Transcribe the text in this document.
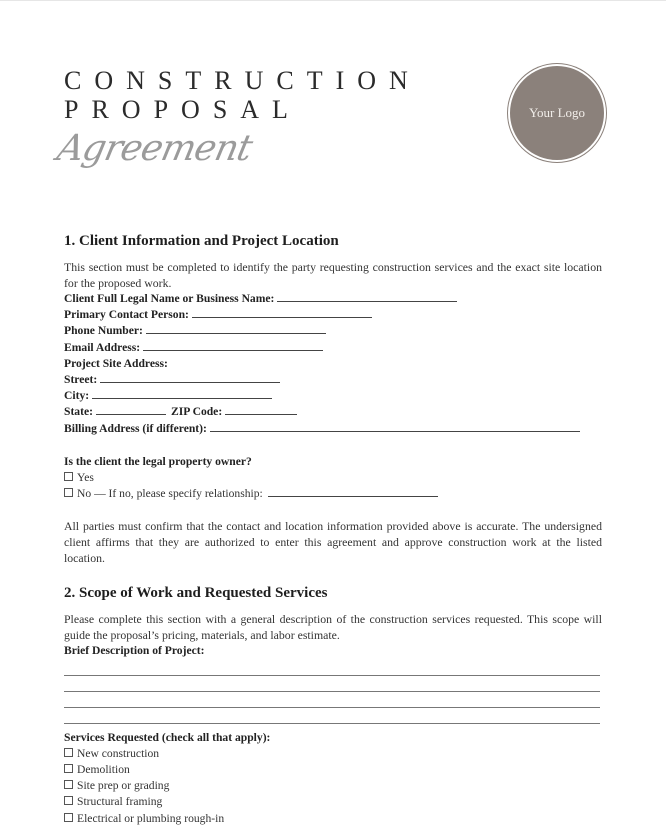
CONSTRUCTION
PROPOSAL
Agreement
Your Logo
1. Client Information and Project Location

This section must be completed to identify the party requesting construction services and the exact site location for the proposed work.

Client Full Legal Name or Business Name:
Primary Contact Person:
Phone Number:
Email Address:
Project Site Address:
Street:
City:
State:	ZIP Code:
Billing Address (if different):
Is the client the legal property owner?
Yes
No — If no, please specify relationship:

All parties must confirm that the contact and location information provided above is accurate. The undersigned client affirms that they are authorized to enter this agreement and approve construction work at the listed location.

2. Scope of Work and Requested Services

Please complete this section with a general description of the construction services requested. This scope will guide the proposal’s pricing, materials, and labor estimate.

Brief Description of Project:
Services Requested (check all that apply):
New construction
Demolition
Site prep or grading
Structural framing
Electrical or plumbing rough-in
